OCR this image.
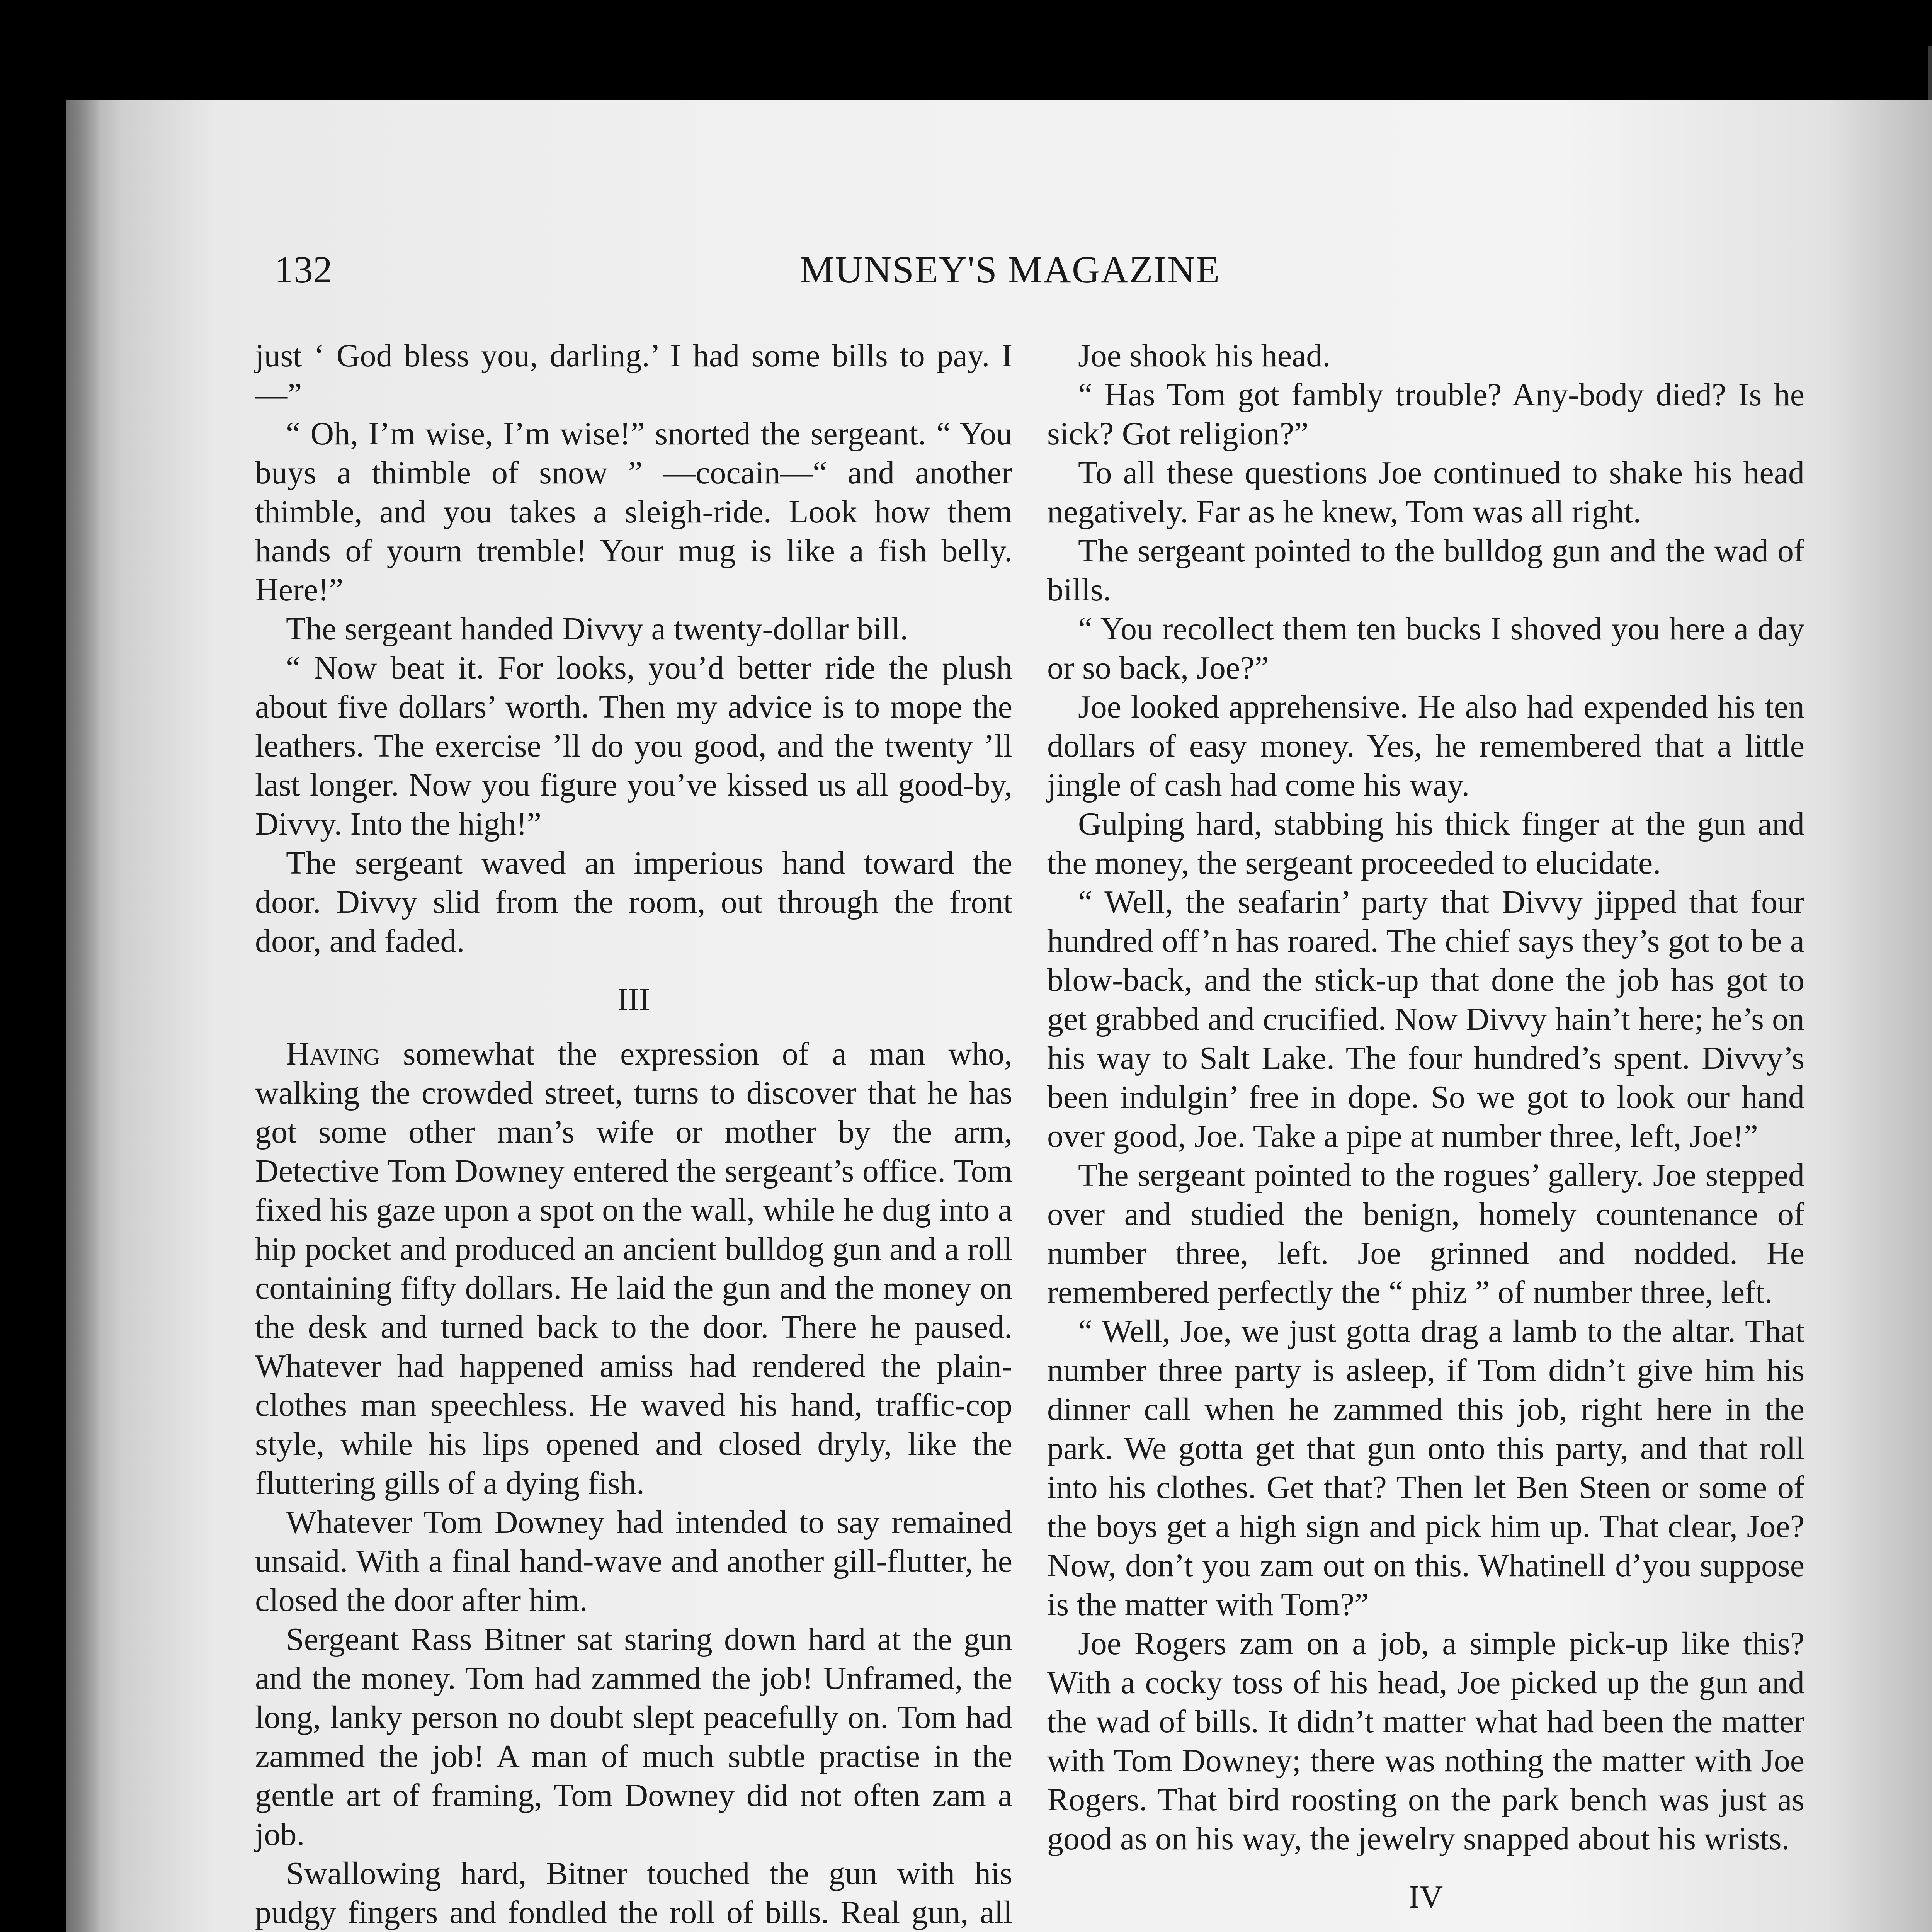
132	MUNSEY'S MAGAZINE

just ‘ God bless you, darling.’ I had some bills to pay. I—”

“ Oh, I’m wise, I’m wise!” snorted the sergeant. “ You buys a thimble of snow ” —cocain—“ and another thimble, and you takes a sleigh-ride. Look how them hands of yourn tremble! Your mug is like a fish belly. Here!”

The sergeant handed Divvy a twenty-dollar bill.

“ Now beat it. For looks, you’d better ride the plush about five dollars’ worth. Then my advice is to mope the leathers. The exercise ’ll do you good, and the twenty ’ll last longer. Now you figure you’ve kissed us all good-by, Divvy. Into the high!”

The sergeant waved an imperious hand toward the door. Divvy slid from the room, out through the front door, and faded.

III

Having somewhat the expression of a man who, walking the crowded street, turns to discover that he has got some other man’s wife or mother by the arm, Detective Tom Downey entered the sergeant’s office. Tom fixed his gaze upon a spot on the wall, while he dug into a hip pocket and produced an ancient bulldog gun and a roll containing fifty dollars. He laid the gun and the money on the desk and turned back to the door. There he paused. Whatever had happened amiss had rendered the plain-clothes man speechless. He waved his hand, traffic-cop style, while his lips opened and closed dryly, like the fluttering gills of a dying fish.

Whatever Tom Downey had intended to say remained unsaid. With a final hand-wave and another gill-flutter, he closed the door after him.

Sergeant Rass Bitner sat staring down hard at the gun and the money. Tom had zammed the job! Unframed, the long, lanky person no doubt slept peacefully on. Tom had zammed the job! A man of much subtle practise in the gentle art of framing, Tom Downey did not often zam a job.

Swallowing hard, Bitner touched the gun with his pudgy fingers and fondled the roll of bills. Real gun, all

Joe shook his head.

“ Has Tom got fambly trouble? Any-body died? Is he sick? Got religion?”

To all these questions Joe continued to shake his head negatively. Far as he knew, Tom was all right.

The sergeant pointed to the bulldog gun and the wad of bills.

“ You recollect them ten bucks I shoved you here a day or so back, Joe?”

Joe looked apprehensive. He also had expended his ten dollars of easy money. Yes, he remembered that a little jingle of cash had come his way.

Gulping hard, stabbing his thick finger at the gun and the money, the sergeant proceeded to elucidate.

“ Well, the seafarin’ party that Divvy jipped that four hundred off’n has roared. The chief says they’s got to be a blow-back, and the stick-up that done the job has got to get grabbed and crucified. Now Divvy hain’t here; he’s on his way to Salt Lake. The four hundred’s spent. Divvy’s been indulgin’ free in dope. So we got to look our hand over good, Joe. Take a pipe at number three, left, Joe!”

The sergeant pointed to the rogues’ gallery. Joe stepped over and studied the benign, homely countenance of number three, left. Joe grinned and nodded. He remembered perfectly the “ phiz ” of number three, left.

“ Well, Joe, we just gotta drag a lamb to the altar. That number three party is asleep, if Tom didn’t give him his dinner call when he zammed this job, right here in the park. We gotta get that gun onto this party, and that roll into his clothes. Get that? Then let Ben Steen or some of the boys get a high sign and pick him up. That clear, Joe? Now, don’t you zam out on this. Whatinell d’you suppose is the matter with Tom?”

Joe Rogers zam on a job, a simple pick-up like this? With a cocky toss of his head, Joe picked up the gun and the wad of bills. It didn’t matter what had been the matter with Tom Downey; there was nothing the matter with Joe Rogers. That bird roosting on the park bench was just as good as on his way, the jewelry snapped about his wrists.

IV
